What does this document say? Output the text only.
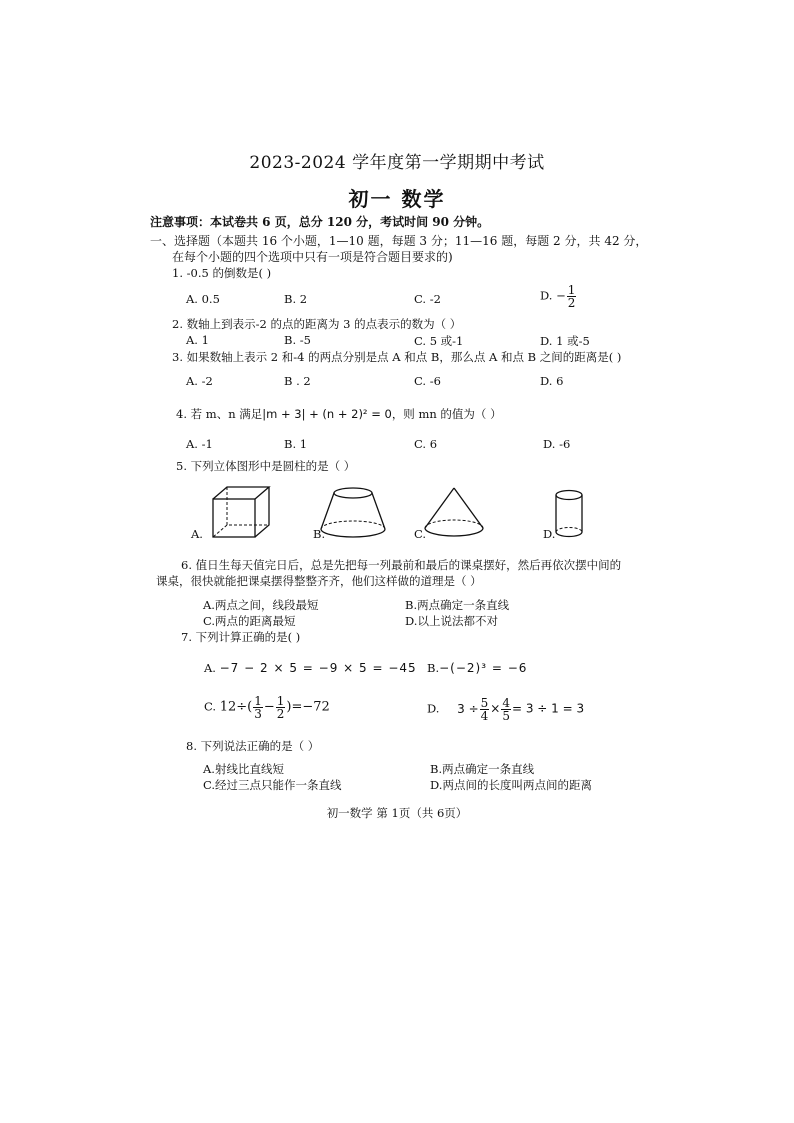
2023-2024 学年度第一学期期中考试
初一 数学
注意事项：本试卷共 6 页，总分 120 分，考试时间 90 分钟。
一、选择题（本题共 16 个小题，1—10 题，每题 3 分；11—16 题，每题 2 分，共 42 分，
在每个小题的四个选项中只有一项是符合题目要求的)
1. -0.5 的倒数是( )
A. 0.5	B. 2	C. -2	D. − $\frac{1}{2}$
2. 数轴上到表示-2 的点的距离为 3 的点表示的数为（ ）
A. 1	B. -5	C. 5 或-1	D. 1 或-5
3. 如果数轴上表示 2 和-4 的两点分别是点 A 和点 B，那么点 A 和点 B 之间的距离是( )
A. -2	B . 2	C. -6	D. 6
4. 若 m、n 满足|m + 3| + (n + 2)² = 0，则 mn 的值为（ ）
A. -1	B. 1	C. 6	D. -6
5. 下列立体图形中是圆柱的是（ ）
A.	B.	C.	D.
6. 值日生每天值完日后，总是先把每一列最前和最后的课桌摆好，然后再依次摆中间的
课桌，很快就能把课桌摆得整整齐齐，他们这样做的道理是（ ）
A.两点之间，线段最短	B.两点确定一条直线
C.两点的距离最短	D.以上说法都不对
7. 下列计算正确的是( )
A. −7 − 2 × 5 = −9 × 5 = −45 B.−(−2)³ = −6
C. $12\div( \frac{1}{3} - \frac{1}{2} )=-72$	D. $3 \div \frac{5}{4} \times \frac{4}{5} = 3 \div 1 = 3$
8. 下列说法正确的是（ ）
A.射线比直线短	B.两点确定一条直线
C.经过三点只能作一条直线	D.两点间的长度叫两点间的距离
初一数学 第 1页（共 6页）
